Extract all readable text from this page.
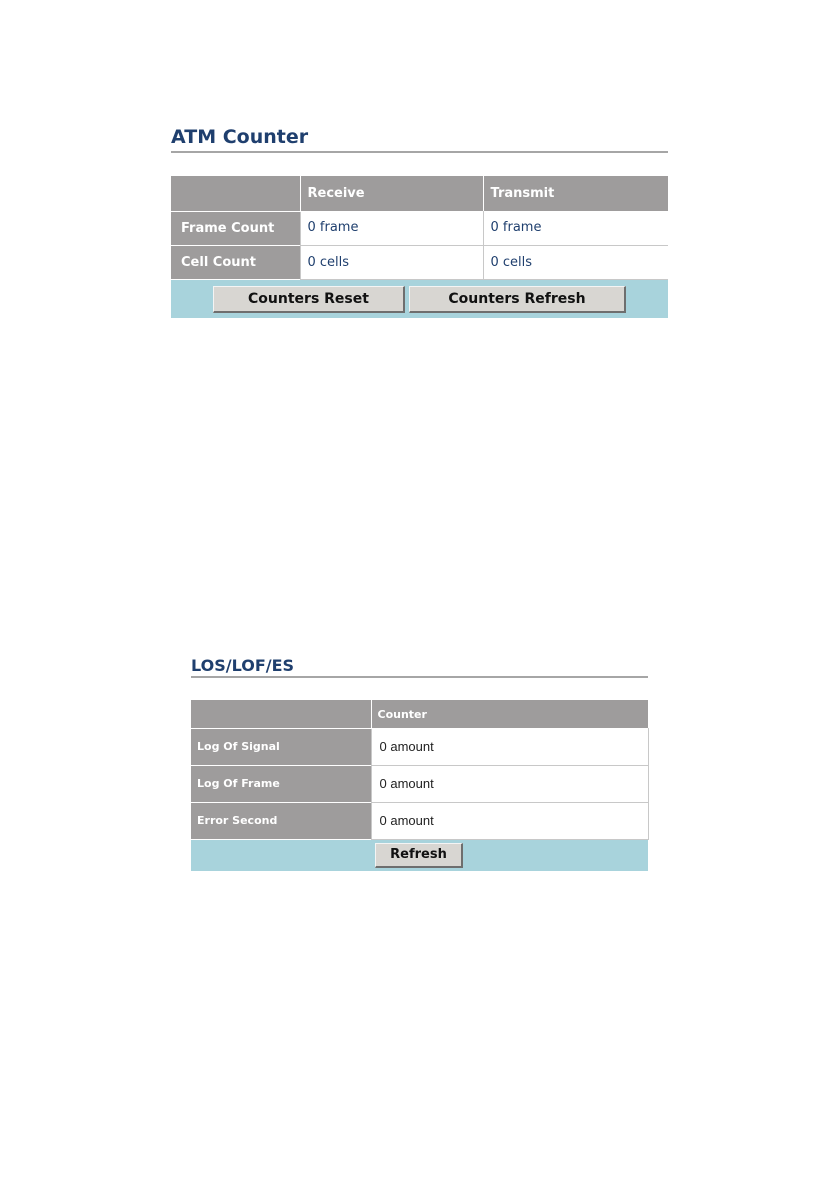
ATM Counter
	Receive	Transmit
Frame Count	0 frame	0 frame
Cell Count	0 cells	0 cells
Counters Reset	Counters Refresh
LOS/LOF/ES
	Counter
Log Of Signal	0 amount
Log Of Frame	0 amount
Error Second	0 amount
Refresh
